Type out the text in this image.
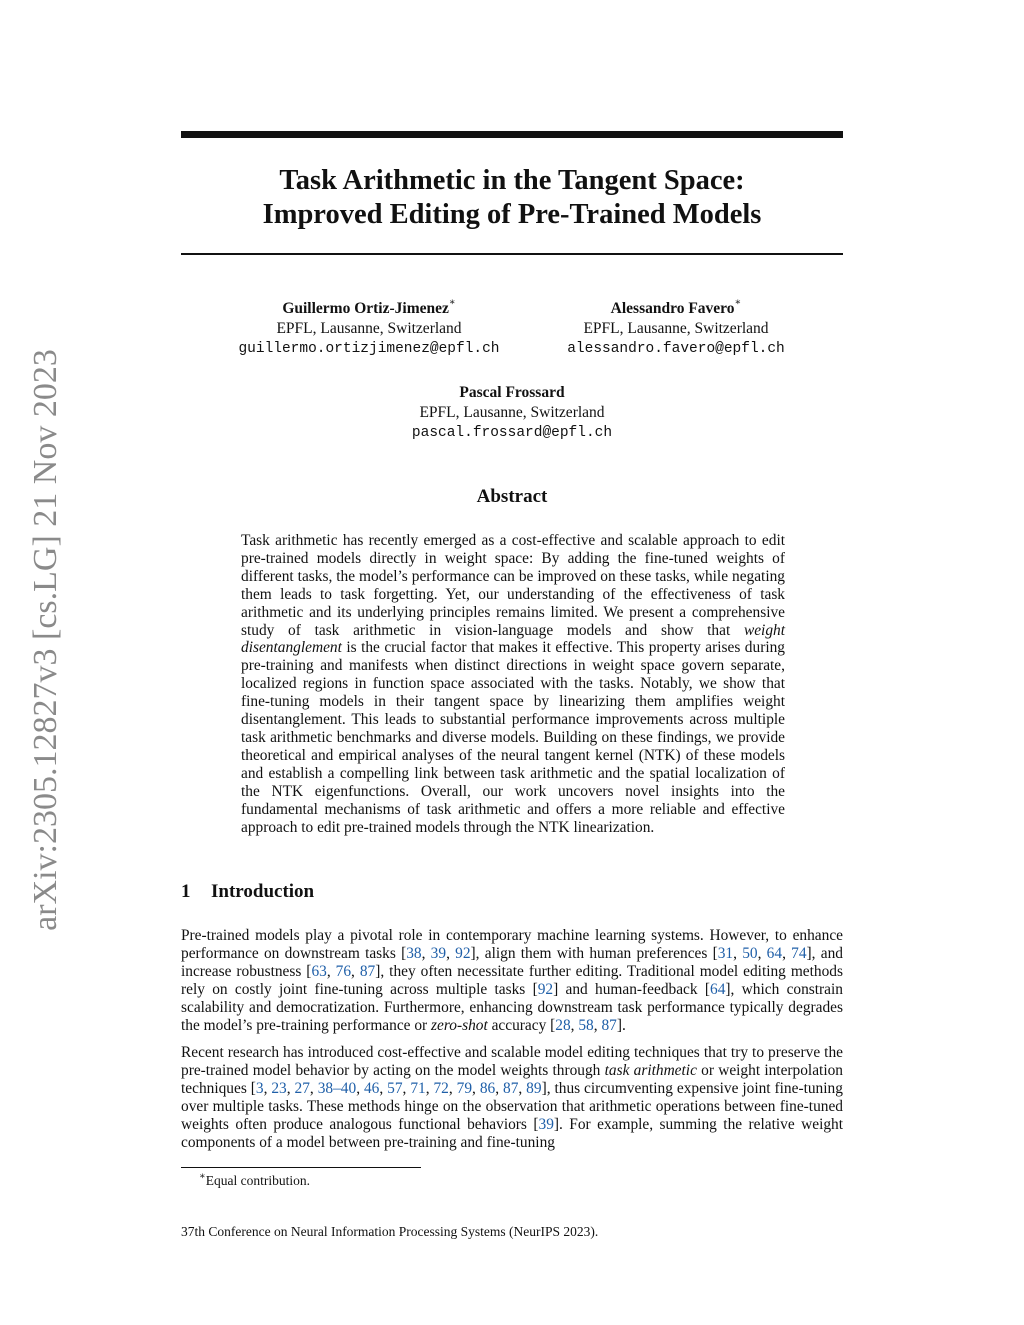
arXiv:2305.12827v3 [cs.LG] 21 Nov 2023
Task Arithmetic in the Tangent Space:
Improved Editing of Pre-Trained Models
Guillermo Ortiz-Jimenez∗
EPFL, Lausanne, Switzerland
guillermo.ortizjimenez@epfl.ch
Alessandro Favero∗
EPFL, Lausanne, Switzerland
alessandro.favero@epfl.ch
Pascal Frossard
EPFL, Lausanne, Switzerland
pascal.frossard@epfl.ch
Abstract
Task arithmetic has recently emerged as a cost-effective and scalable approach to edit pre-trained models directly in weight space: By adding the fine-tuned weights of different tasks, the model’s performance can be improved on these tasks, while negating them leads to task forgetting. Yet, our understanding of the effectiveness of task arithmetic and its underlying principles remains limited. We present a comprehensive study of task arithmetic in vision-language models and show that weight disentanglement is the crucial factor that makes it effective. This property arises during pre-training and manifests when distinct directions in weight space govern separate, localized regions in function space associated with the tasks. Notably, we show that fine-tuning models in their tangent space by linearizing them amplifies weight disentanglement. This leads to substantial performance improvements across multiple task arithmetic benchmarks and diverse models. Building on these findings, we provide theoretical and empirical analyses of the neural tangent kernel (NTK) of these models and establish a compelling link between task arithmetic and the spatial localization of the NTK eigenfunctions. Overall, our work uncovers novel insights into the fundamental mechanisms of task arithmetic and offers a more reliable and effective approach to edit pre-trained models through the NTK linearization.
1 Introduction
Pre-trained models play a pivotal role in contemporary machine learning systems. However, to enhance performance on downstream tasks [38, 39, 92], align them with human preferences [31, 50, 64, 74], and increase robustness [63, 76, 87], they often necessitate further editing. Traditional model editing methods rely on costly joint fine-tuning across multiple tasks [92] and human-feedback [64], which constrain scalability and democratization. Furthermore, enhancing downstream task performance typically degrades the model’s pre-training performance or zero-shot accuracy [28, 58, 87].
Recent research has introduced cost-effective and scalable model editing techniques that try to preserve the pre-trained model behavior by acting on the model weights through task arithmetic or weight interpolation techniques [3, 23, 27, 38–40, 46, 57, 71, 72, 79, 86, 87, 89], thus circumventing expensive joint fine-tuning over multiple tasks. These methods hinge on the observation that arithmetic operations between fine-tuned weights often produce analogous functional behaviors [39]. For example, summing the relative weight components of a model between pre-training and fine-tuning
∗Equal contribution.
37th Conference on Neural Information Processing Systems (NeurIPS 2023).
